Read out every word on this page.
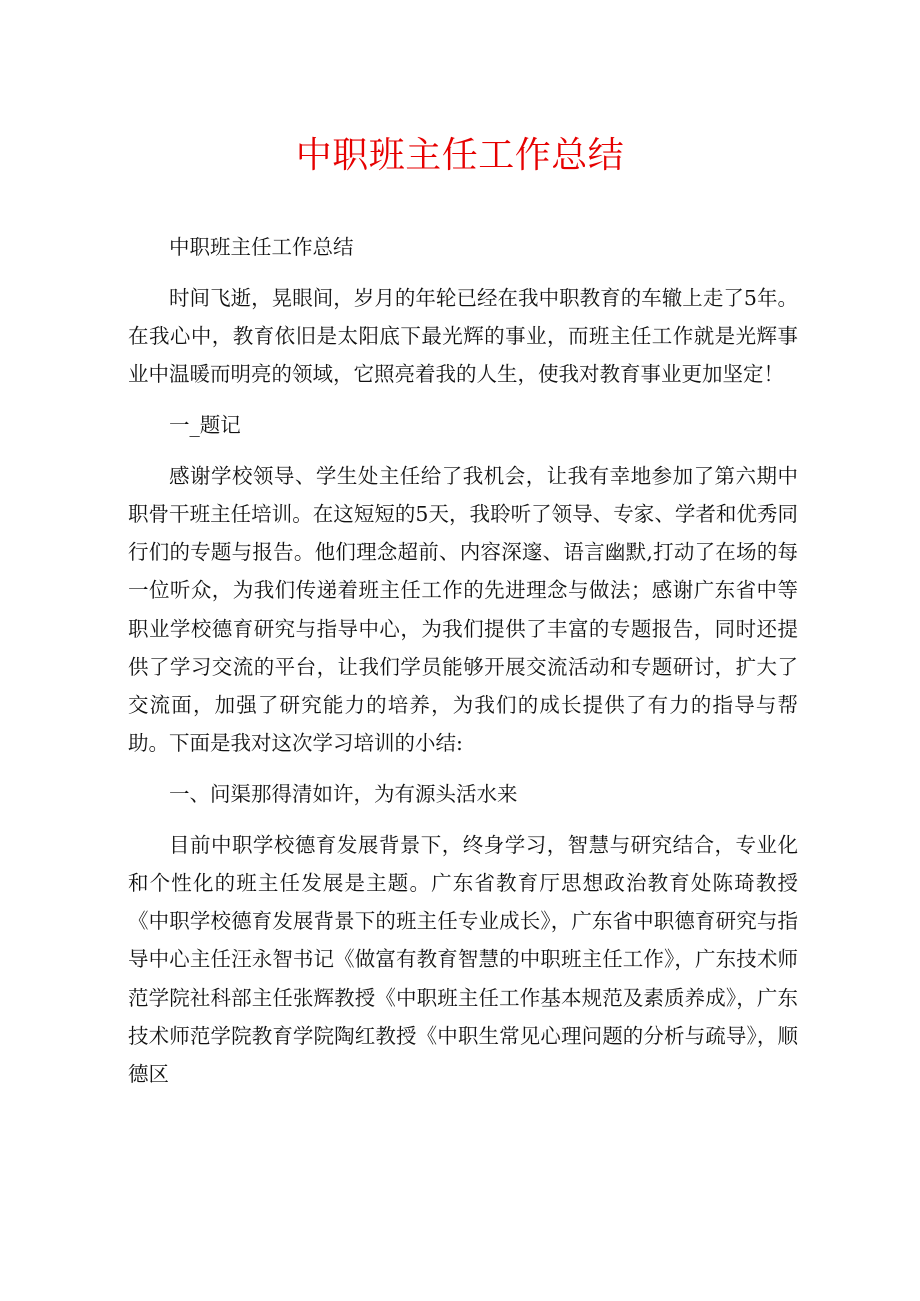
中职班主任工作总结

中职班主任工作总结

时间飞逝，晃眼间，岁月的年轮已经在我中职教育的车辙上走了5年。在我心中，教育依旧是太阳底下最光辉的事业，而班主任工作就是光辉事业中温暖而明亮的领域，它照亮着我的人生，使我对教育事业更加坚定！

一_题记

感谢学校领导、学生处主任给了我机会，让我有幸地参加了第六期中职骨干班主任培训。在这短短的5天，我聆听了领导、专家、学者和优秀同行们的专题与报告。他们理念超前、内容深邃、语言幽默,打动了在场的每一位听众，为我们传递着班主任工作的先进理念与做法；感谢广东省中等职业学校德育研究与指导中心，为我们提供了丰富的专题报告，同时还提供了学习交流的平台，让我们学员能够开展交流活动和专题研讨，扩大了交流面，加强了研究能力的培养，为我们的成长提供了有力的指导与帮助。下面是我对这次学习培训的小结:

一、问渠那得清如许，为有源头活水来

目前中职学校德育发展背景下，终身学习，智慧与研究结合，专业化和个性化的班主任发展是主题。广东省教育厅思想政治教育处陈琦教授《中职学校德育发展背景下的班主任专业成长》，广东省中职德育研究与指导中心主任汪永智书记《做富有教育智慧的中职班主任工作》，广东技术师范学院社科部主任张辉教授《中职班主任工作基本规范及素质养成》，广东技术师范学院教育学院陶红教授《中职生常见心理问题的分析与疏导》，顺德区
